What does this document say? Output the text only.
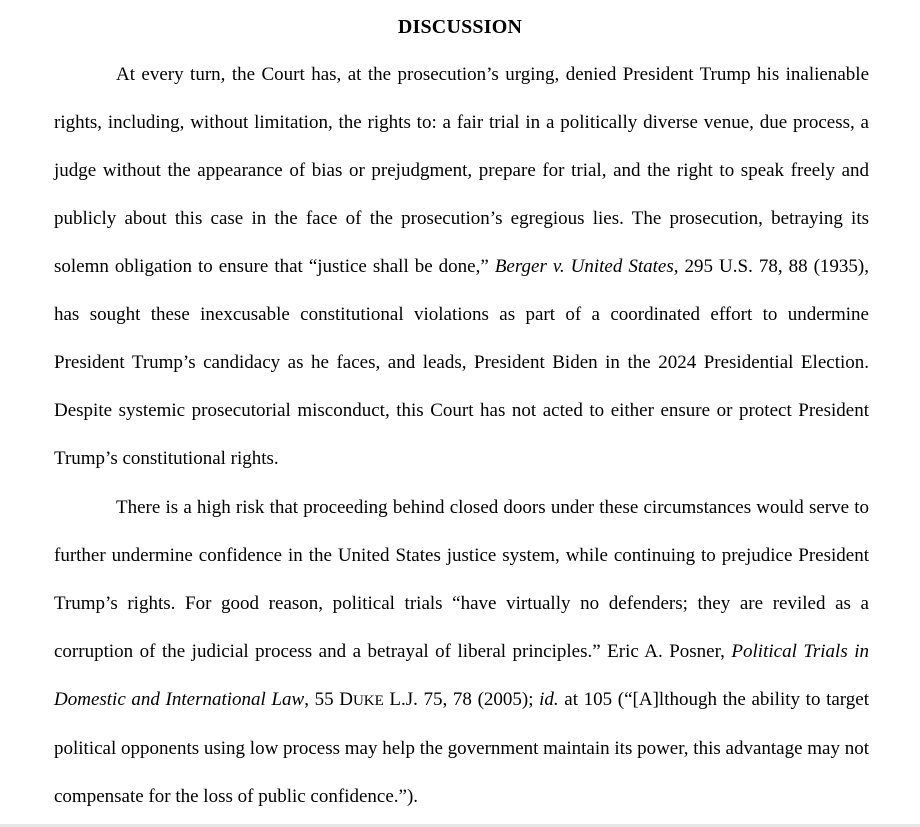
DISCUSSION

At every turn, the Court has, at the prosecution’s urging, denied President Trump his inalienable rights, including, without limitation, the rights to: a fair trial in a politically diverse venue, due process, a judge without the appearance of bias or prejudgment, prepare for trial, and the right to speak freely and publicly about this case in the face of the prosecution’s egregious lies. The prosecution, betraying its solemn obligation to ensure that “justice shall be done,” Berger v. United States, 295 U.S. 78, 88 (1935), has sought these inexcusable constitutional violations as part of a coordinated effort to undermine President Trump’s candidacy as he faces, and leads, President Biden in the 2024 Presidential Election. Despite systemic prosecutorial misconduct, this Court has not acted to either ensure or protect President Trump’s constitutional rights.

There is a high risk that proceeding behind closed doors under these circumstances would serve to further undermine confidence in the United States justice system, while continuing to prejudice President Trump’s rights. For good reason, political trials “have virtually no defenders; they are reviled as a corruption of the judicial process and a betrayal of liberal principles.” Eric A. Posner, Political Trials in Domestic and International Law, 55 DUKE L.J. 75, 78 (2005); id. at 105 (“[A]lthough the ability to target political opponents using low process may help the government maintain its power, this advantage may not compensate for the loss of public confidence.”).
